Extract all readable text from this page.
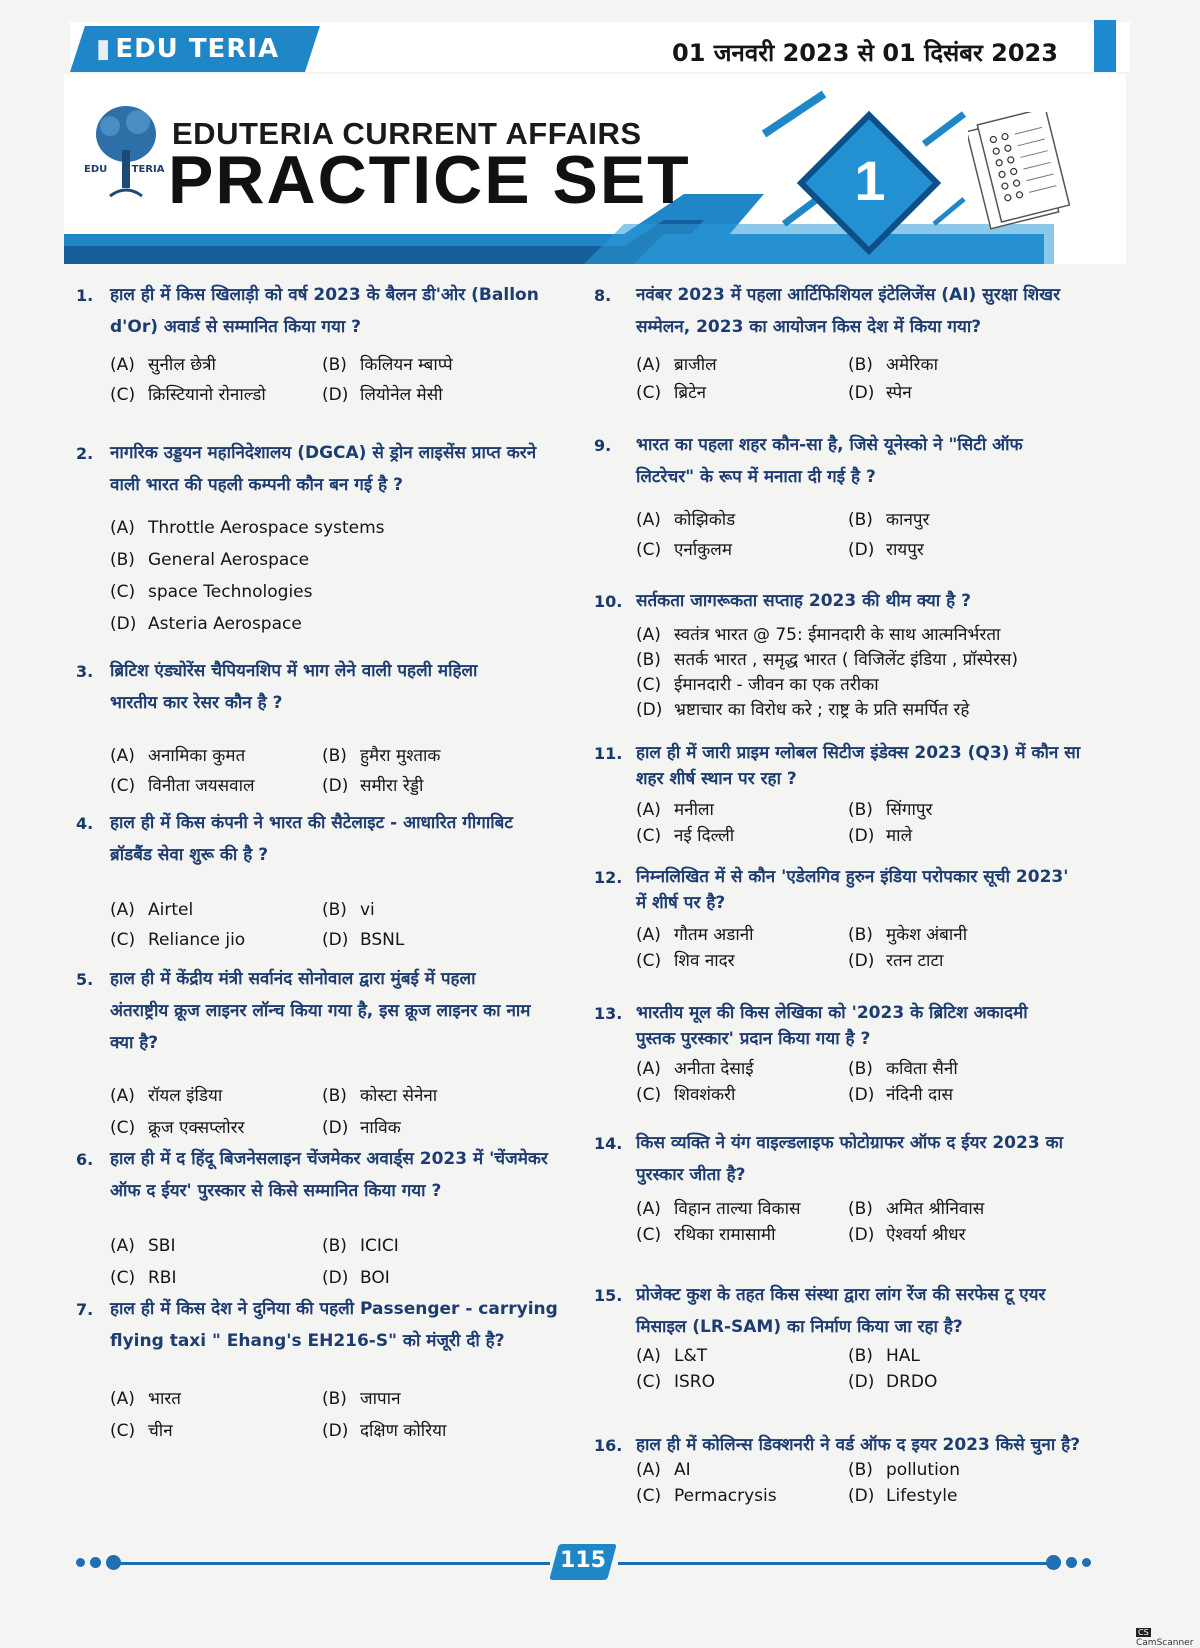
▮ EDU TERIA	01 जनवरी 2023 से 01 दिसंबर 2023
EDU TERIA
EDUTERIA CURRENT AFFAIRS
PRACTICE SET	1
1. हाल ही में किस खिलाड़ी को वर्ष 2023 के बैलन डी'ओर (Ballon
d'Or) अवार्ड से सम्मानित किया गया ?
(A) सुनील छेत्री	(B) किलियन म्बाप्पे
(C) क्रिस्टियानो रोनाल्डो	(D) लियोनेल मेसी
2. नागरिक उड्डयन महानिदेशालय (DGCA) से ड्रोन लाइसेंस प्राप्त करने
वाली भारत की पहली कम्पनी कौन बन गई है ?
(A) Throttle Aerospace systems
(B) General Aerospace
(C) space Technologies
(D) Asteria Aerospace
3. ब्रिटिश एंड्योरेंस चैपियनशिप में भाग लेने वाली पहली महिला
भारतीय कार रेसर कौन है ?
(A) अनामिका कुमत	(B) हुमैरा मुश्ताक
(C) विनीता जयसवाल	(D) समीरा रेड्डी
4. हाल ही में किस कंपनी ने भारत की सैटेलाइट - आधारित गीगाबिट
ब्रॉडबैंड सेवा शुरू की है ?
(A) Airtel	(B) vi
(C) Reliance jio	(D) BSNL
5. हाल ही में केंद्रीय मंत्री सर्वानंद सोनोवाल द्वारा मुंबई में पहला
अंतराष्ट्रीय क्रूज लाइनर लॉन्च किया गया है, इस क्रूज लाइनर का नाम
क्या है?
(A) रॉयल इंडिया	(B) कोस्टा सेनेना
(C) क्रूज एक्सप्लोरर	(D) नाविक
6. हाल ही में द हिंदू बिजनेसलाइन चेंजमेकर अवार्ड्स 2023 में 'चेंजमेकर
ऑफ द ईयर' पुरस्कार से किसे सम्मानित किया गया ?
(A) SBI	(B) ICICI
(C) RBI	(D) BOI
7. हाल ही में किस देश ने दुनिया की पहली Passenger - carrying
flying taxi " Ehang's EH216-S" को मंजूरी दी है?
(A) भारत	(B) जापान
(C) चीन	(D) दक्षिण कोरिया
8. नवंबर 2023 में पहला आर्टिफिशियल इंटेलिजेंस (AI) सुरक्षा शिखर
सम्मेलन, 2023 का आयोजन किस देश में किया गया?
(A) ब्राजील	(B) अमेरिका
(C) ब्रिटेन	(D) स्पेन
9. भारत का पहला शहर कौन-सा है, जिसे यूनेस्को ने "सिटी ऑफ
लिटरेचर" के रूप में मनाता दी गई है ?
(A) कोझिकोड	(B) कानपुर
(C) एर्नाकुलम	(D) रायपुर
10. सर्तकता जागरूकता सप्ताह 2023 की थीम क्या है ?
(A) स्वतंत्र भारत @ 75: ईमानदारी के साथ आत्मनिर्भरता
(B) सतर्क भारत , समृद्ध भारत ( विजिलेंट इंडिया , प्रॉस्पेरस)
(C) ईमानदारी - जीवन का एक तरीका
(D) भ्रष्टाचार का विरोध करे ; राष्ट्र के प्रति समर्पित रहे
11. हाल ही में जारी प्राइम ग्लोबल सिटीज इंडेक्स 2023 (Q3) में कौन सा
शहर शीर्ष स्थान पर रहा ?
(A) मनीला	(B) सिंगापुर
(C) नई दिल्ली	(D) माले
12. निम्नलिखित में से कौन 'एडेलगिव हुरुन इंडिया परोपकार सूची 2023'
में शीर्ष पर है?
(A) गौतम अडानी	(B) मुकेश अंबानी
(C) शिव नादर	(D) रतन टाटा
13. भारतीय मूल की किस लेखिका को '2023 के ब्रिटिश अकादमी
पुस्तक पुरस्कार' प्रदान किया गया है ?
(A) अनीता देसाई	(B) कविता सैनी
(C) शिवशंकरी	(D) नंदिनी दास
14. किस व्यक्ति ने यंग वाइल्डलाइफ फोटोग्राफर ऑफ द ईयर 2023 का
पुरस्कार जीता है?
(A) विहान ताल्या विकास	(B) अमित श्रीनिवास
(C) रथिका रामासामी	(D) ऐश्वर्या श्रीधर
15. प्रोजेक्ट कुश के तहत किस संस्था द्वारा लांग रेंज की सरफेस टू एयर
मिसाइल (LR-SAM) का निर्माण किया जा रहा है?
(A) L&T	(B) HAL
(C) ISRO	(D) DRDO
16. हाल ही में कोलिन्स डिक्शनरी ने वर्ड ऑफ द इयर 2023 किसे चुना है?
(A) AI	(B) pollution
(C) Permacrysis	(D) Lifestyle
115
CSCamScanner
